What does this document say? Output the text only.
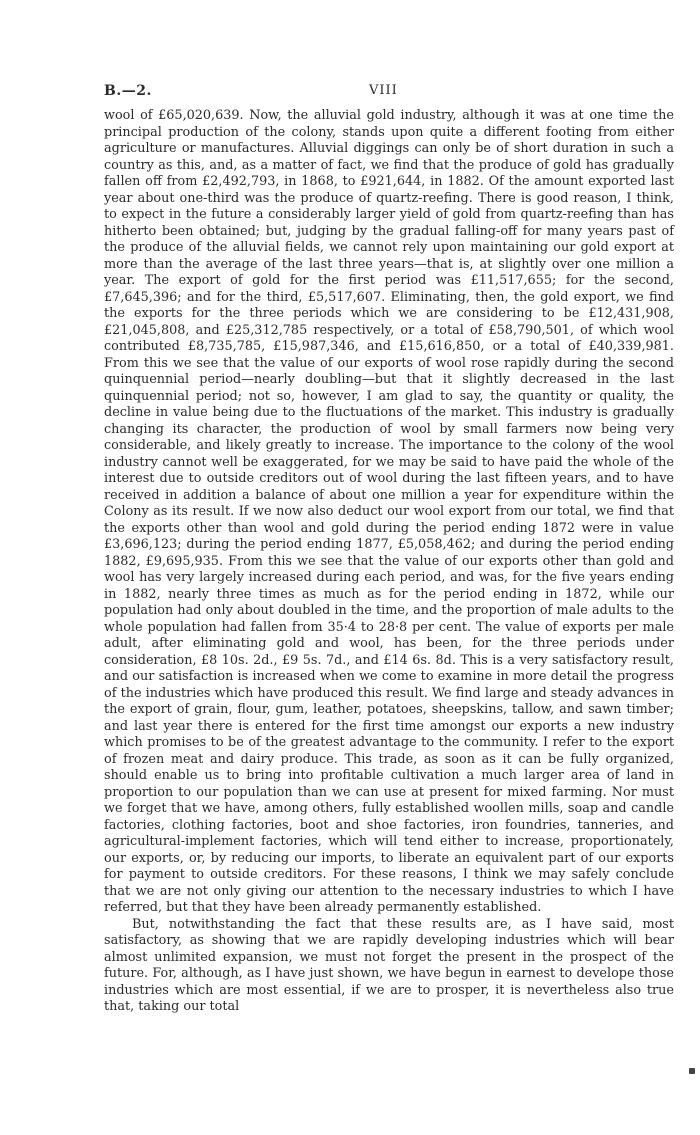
B.—2.	VIII

wool of £65,020,639. Now, the alluvial gold industry, although it was at one time the principal production of the colony, stands upon quite a different footing from either agriculture or manufactures. Alluvial diggings can only be of short duration in such a country as this, and, as a matter of fact, we find that the produce of gold has gradually fallen off from £2,492,793, in 1868, to £921,644, in 1882. Of the amount exported last year about one-third was the produce of quartz-reefing. There is good reason, I think, to expect in the future a considerably larger yield of gold from quartz-reefing than has hitherto been obtained; but, judging by the gradual falling-off for many years past of the produce of the alluvial fields, we cannot rely upon maintaining our gold export at more than the average of the last three years—that is, at slightly over one million a year. The export of gold for the first period was £11,517,655; for the second, £7,645,396; and for the third, £5,517,607. Eliminating, then, the gold export, we find the exports for the three periods which we are considering to be £12,431,908, £21,045,808, and £25,312,785 respectively, or a total of £58,790,501, of which wool contributed £8,735,785, £15,987,346, and £15,616,850, or a total of £40,339,981. From this we see that the value of our exports of wool rose rapidly during the second quinquennial period—nearly doubling—but that it slightly decreased in the last quinquennial period; not so, however, I am glad to say, the quantity or quality, the decline in value being due to the fluctuations of the market. This industry is gradually changing its character, the production of wool by small farmers now being very considerable, and likely greatly to increase. The importance to the colony of the wool industry cannot well be exaggerated, for we may be said to have paid the whole of the interest due to outside creditors out of wool during the last fifteen years, and to have received in addition a balance of about one million a year for expenditure within the Colony as its result. If we now also deduct our wool export from our total, we find that the exports other than wool and gold during the period ending 1872 were in value £3,696,123; during the period ending 1877, £5,058,462; and during the period ending 1882, £9,695,935. From this we see that the value of our exports other than gold and wool has very largely increased during each period, and was, for the five years ending in 1882, nearly three times as much as for the period ending in 1872, while our population had only about doubled in the time, and the proportion of male adults to the whole population had fallen from 35·4 to 28·8 per cent. The value of exports per male adult, after eliminating gold and wool, has been, for the three periods under consideration, £8 10s. 2d., £9 5s. 7d., and £14 6s. 8d. This is a very satisfactory result, and our satisfaction is increased when we come to examine in more detail the progress of the industries which have produced this result. We find large and steady advances in the export of grain, flour, gum, leather, potatoes, sheepskins, tallow, and sawn timber; and last year there is entered for the first time amongst our exports a new industry which promises to be of the greatest advantage to the community. I refer to the export of frozen meat and dairy produce. This trade, as soon as it can be fully organized, should enable us to bring into profitable cultivation a much larger area of land in proportion to our population than we can use at present for mixed farming. Nor must we forget that we have, among others, fully established woollen mills, soap and candle factories, clothing factories, boot and shoe factories, iron foundries, tanneries, and agricultural-implement factories, which will tend either to increase, proportionately, our exports, or, by reducing our imports, to liberate an equivalent part of our exports for payment to outside creditors. For these reasons, I think we may safely conclude that we are not only giving our attention to the necessary industries to which I have referred, but that they have been already permanently established.

But, notwithstanding the fact that these results are, as I have said, most satisfactory, as showing that we are rapidly developing industries which will bear almost unlimited expansion, we must not forget the present in the prospect of the future. For, although, as I have just shown, we have begun in earnest to develope those industries which are most essential, if we are to prosper, it is nevertheless also true that, taking our total
